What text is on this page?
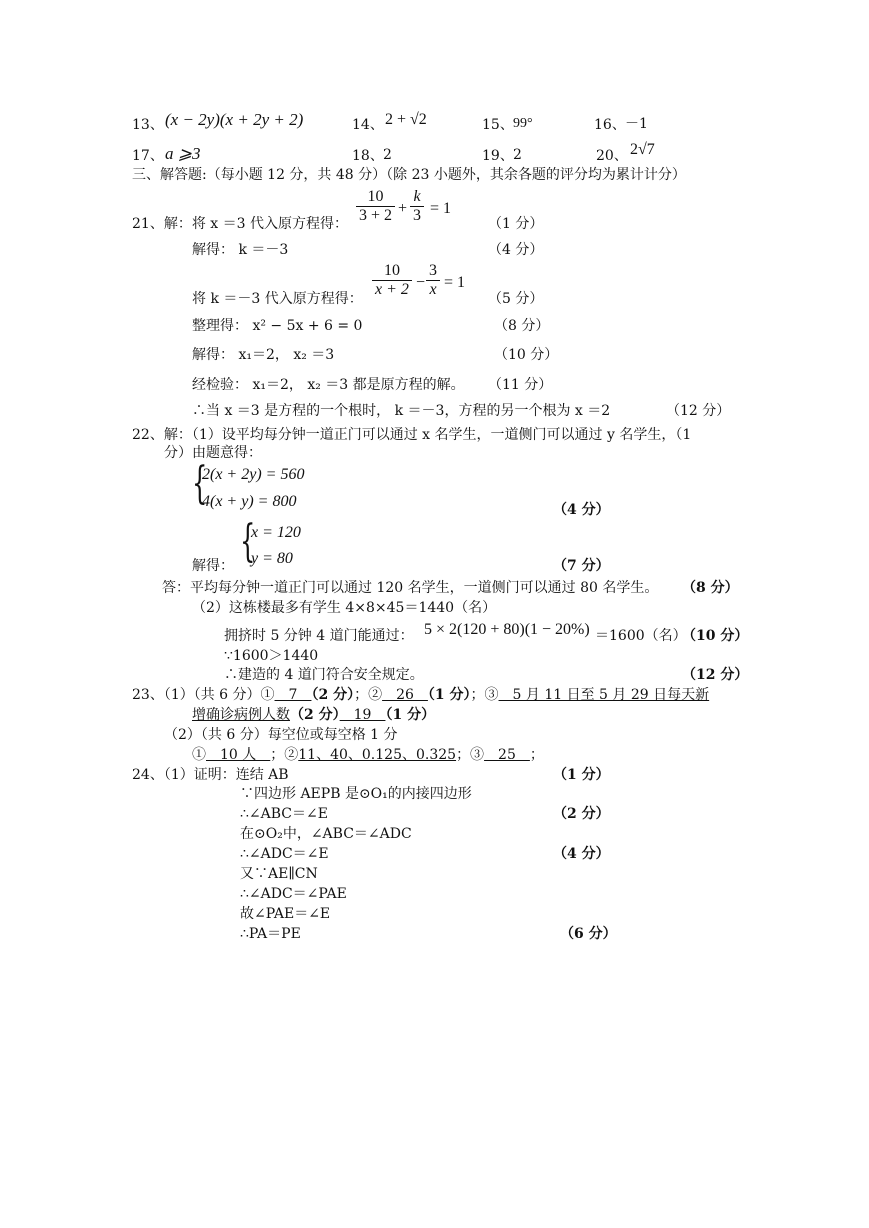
13、 (x − 2y)(x + 2y + 2)	14、 2 + √2	15、 99°	16、 －1
17、 a ⩾3	18、 2	19、 2	20、 2√7
三、解答题:（每小题 12 分，共 48 分）（除 23 小题外，其余各题的评分均为累计计分）
21、解：将 x ＝3 代入原方程得： $\frac{10}{3 + 2} + \frac{k}{3} = 1$
（1 分）
解得： k ＝－3	（4 分）
$\frac{10}{x + 2} - \frac{3}{x} = 1$
将 k ＝－3 代入原方程得：	（5 分）
整理得： x² − 5x + 6 = 0	（8 分）
解得： x₁＝2， x₂ ＝3	（10 分）
经检验： x₁＝2， x₂ ＝3 都是原方程的解。 （11 分）
∴当 x ＝3 是方程的一个根时， k ＝－3，方程的另一个根为 x ＝2	（12 分）
22、解：（1）设平均每分钟一道正门可以通过 x 名学生，一道侧门可以通过 y 名学生，（1
分）由题意得：
{
2(x + 2y) = 560
4(x + y) = 800	（4 分）
解得： {
x = 120
y = 80	（7 分）
答：平均每分钟一道正门可以通过 120 名学生，一道侧门可以通过 80 名学生。 （8 分）
（2）这栋楼最多有学生 4×8×45＝1440（名）
拥挤时 5 分钟 4 道门能通过： 5 × 2(120 + 80)(1 − 20%) ＝1600（名）
（10 分）
∵1600＞1440
∴建造的 4 道门符合安全规定。	（12 分）
23、（1）（共 6 分）①　7　（2 分）；②　26　（1 分）；③　5 月 11 日至 5 月 29 日每天新
增确诊病例人数（2 分）　19　（1 分）
（2）（共 6 分）每空位或每空格 1 分
①　10 人　；②11、40、0.125、0.325；③　25　；
24、（1）证明：连结 AB	（1 分）
∵四边形 AEPB 是⊙O₁的内接四边形
∴∠ABC＝∠E	（2 分）
在⊙O₂中，∠ABC＝∠ADC
∴∠ADC＝∠E	（4 分）
又∵AE∥CN
∴∠ADC＝∠PAE
故∠PAE＝∠E
∴PA＝PE	（6 分）
